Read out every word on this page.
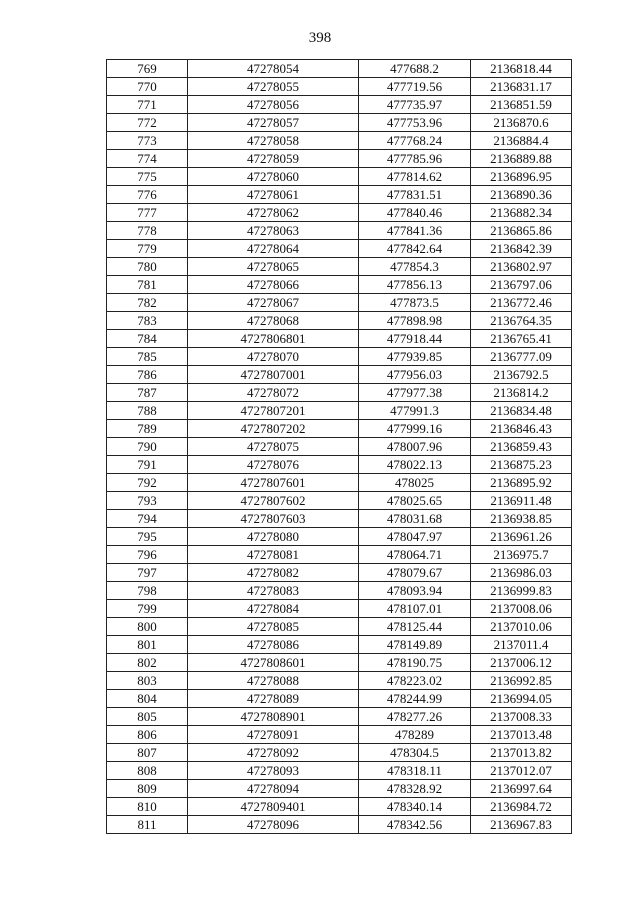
398
769	47278054	477688.2	2136818.44
770	47278055	477719.56	2136831.17
771	47278056	477735.97	2136851.59
772	47278057	477753.96	2136870.6
773	47278058	477768.24	2136884.4
774	47278059	477785.96	2136889.88
775	47278060	477814.62	2136896.95
776	47278061	477831.51	2136890.36
777	47278062	477840.46	2136882.34
778	47278063	477841.36	2136865.86
779	47278064	477842.64	2136842.39
780	47278065	477854.3	2136802.97
781	47278066	477856.13	2136797.06
782	47278067	477873.5	2136772.46
783	47278068	477898.98	2136764.35
784	4727806801	477918.44	2136765.41
785	47278070	477939.85	2136777.09
786	4727807001	477956.03	2136792.5
787	47278072	477977.38	2136814.2
788	4727807201	477991.3	2136834.48
789	4727807202	477999.16	2136846.43
790	47278075	478007.96	2136859.43
791	47278076	478022.13	2136875.23
792	4727807601	478025	2136895.92
793	4727807602	478025.65	2136911.48
794	4727807603	478031.68	2136938.85
795	47278080	478047.97	2136961.26
796	47278081	478064.71	2136975.7
797	47278082	478079.67	2136986.03
798	47278083	478093.94	2136999.83
799	47278084	478107.01	2137008.06
800	47278085	478125.44	2137010.06
801	47278086	478149.89	2137011.4
802	4727808601	478190.75	2137006.12
803	47278088	478223.02	2136992.85
804	47278089	478244.99	2136994.05
805	4727808901	478277.26	2137008.33
806	47278091	478289	2137013.48
807	47278092	478304.5	2137013.82
808	47278093	478318.11	2137012.07
809	47278094	478328.92	2136997.64
810	4727809401	478340.14	2136984.72
811	47278096	478342.56	2136967.83
